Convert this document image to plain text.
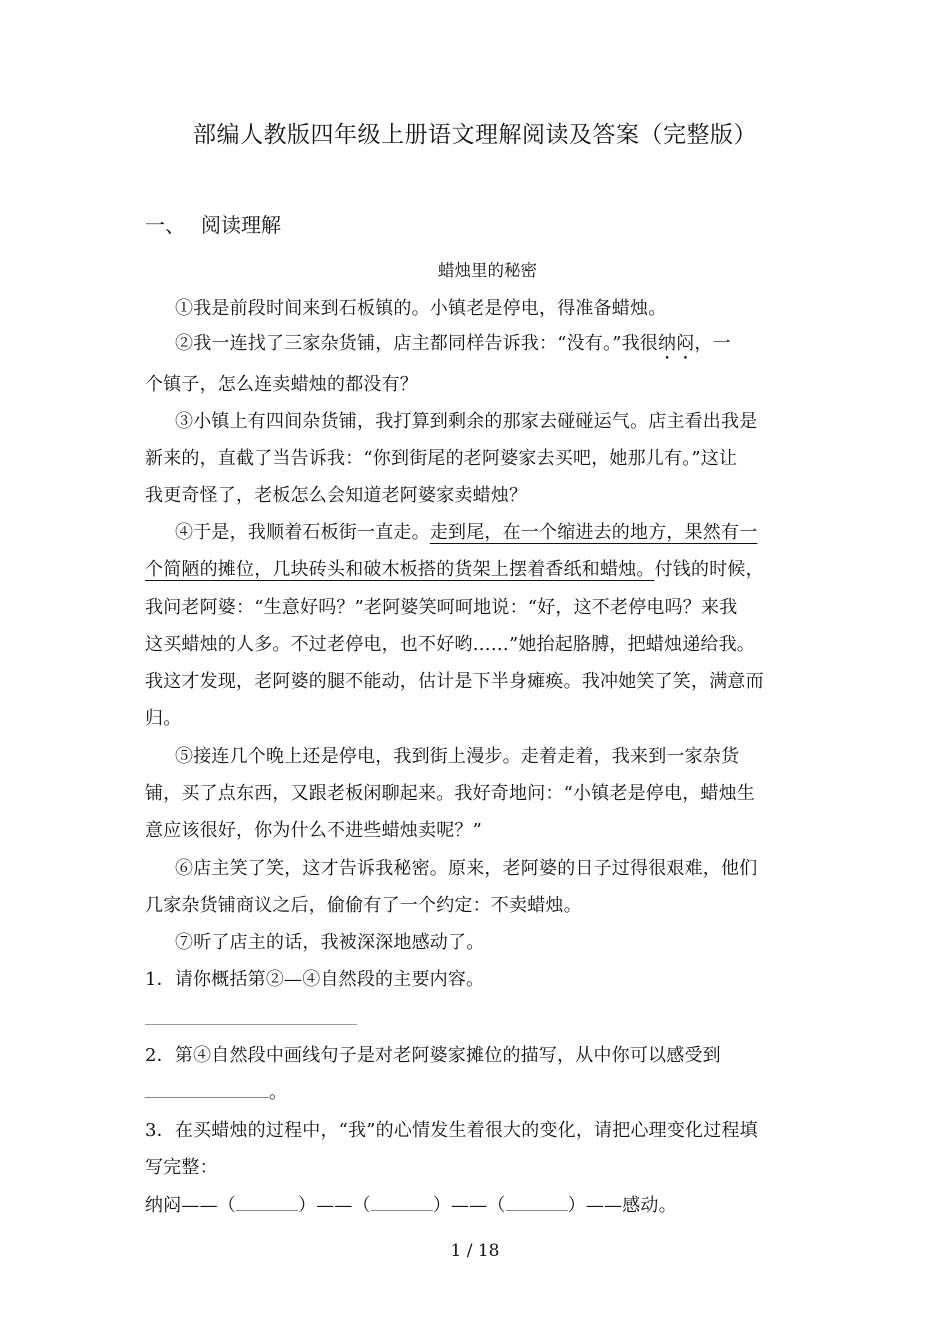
部编人教版四年级上册语文理解阅读及答案（完整版）
一、 阅读理解
蜡烛里的秘密
①我是前段时间来到石板镇的。小镇老是停电，得准备蜡烛。
②我一连找了三家杂货铺，店主都同样告诉我：“没有。”我很纳闷，一
个镇子，怎么连卖蜡烛的都没有？
③小镇上有四间杂货铺，我打算到剩余的那家去碰碰运气。店主看出我是
新来的，直截了当告诉我：“你到街尾的老阿婆家去买吧，她那儿有。”这让
我更奇怪了，老板怎么会知道老阿婆家卖蜡烛？
④于是，我顺着石板街一直走。走到尾，在一个缩进去的地方，果然有一
个简陋的摊位，几块砖头和破木板搭的货架上摆着香纸和蜡烛。付钱的时候，
我问老阿婆：“生意好吗？”老阿婆笑呵呵地说：“好，这不老停电吗？来我
这买蜡烛的人多。不过老停电，也不好哟……”她抬起胳膊，把蜡烛递给我。
我这才发现，老阿婆的腿不能动，估计是下半身瘫痪。我冲她笑了笑，满意而
归。
⑤接连几个晚上还是停电，我到街上漫步。走着走着，我来到一家杂货
铺，买了点东西，又跟老板闲聊起来。我好奇地问：“小镇老是停电，蜡烛生
意应该很好，你为什么不进些蜡烛卖呢？”
⑥店主笑了笑，这才告诉我秘密。原来，老阿婆的日子过得很艰难，他们
几家杂货铺商议之后，偷偷有了一个约定：不卖蜡烛。
⑦听了店主的话，我被深深地感动了。
1．请你概括第②—④自然段的主要内容。
2．第④自然段中画线句子是对老阿婆家摊位的描写，从中你可以感受到
。
3．在买蜡烛的过程中，“我”的心情发生着很大的变化，请把心理变化过程填
写完整：
纳闷——（	）——（	）——（	）——感动。
1 / 18
